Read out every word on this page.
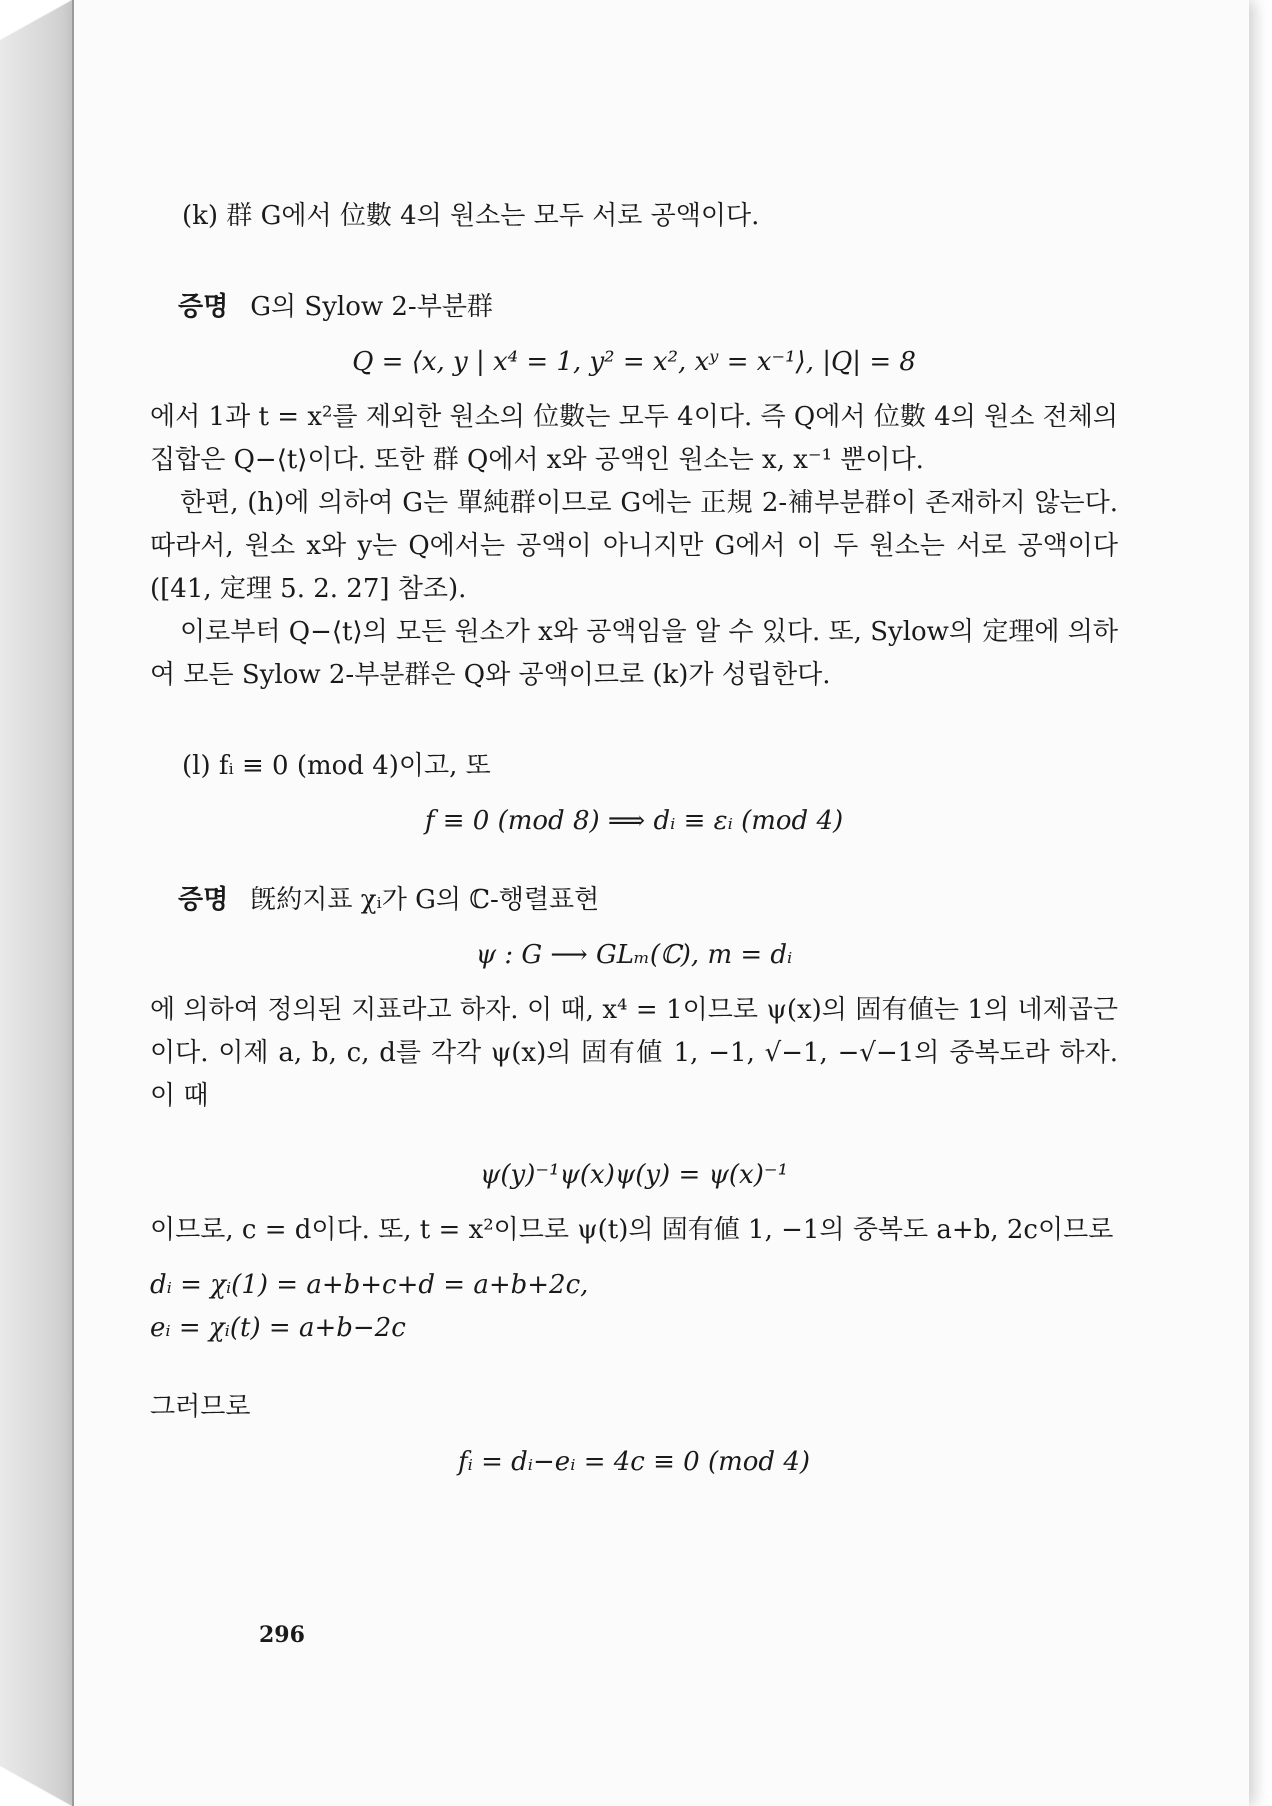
(k) 群 G에서 位數 4의 원소는 모두 서로 공액이다.

증명 G의 Sylow 2-부분群

Q = ⟨x, y | x⁴ = 1, y² = x², xʸ = x⁻¹⟩, |Q| = 8

에서 1과 t = x²를 제외한 원소의 位數는 모두 4이다. 즉 Q에서 位數 4의 원소 전체의 집합은 Q−⟨t⟩이다. 또한 群 Q에서 x와 공액인 원소는 x, x⁻¹ 뿐이다.

한편, (h)에 의하여 G는 單純群이므로 G에는 正規 2-補부분群이 존재하지 않는다. 따라서, 원소 x와 y는 Q에서는 공액이 아니지만 G에서 이 두 원소는 서로 공액이다([41, 定理 5. 2. 27] 참조).

이로부터 Q−⟨t⟩의 모든 원소가 x와 공액임을 알 수 있다. 또, Sylow의 定理에 의하여 모든 Sylow 2-부분群은 Q와 공액이므로 (k)가 성립한다.

(l) fᵢ ≡ 0 (mod 4)이고, 또

f ≡ 0 (mod 8) ⟹ dᵢ ≡ εᵢ (mod 4)

증명 旣約지표 χᵢ가 G의 ℂ-행렬표현

ψ : G ⟶ GLₘ(ℂ), m = dᵢ

에 의하여 정의된 지표라고 하자. 이 때, x⁴ = 1이므로 ψ(x)의 固有値는 1의 네제곱근이다. 이제 a, b, c, d를 각각 ψ(x)의 固有値 1, −1, √−1, −√−1의 중복도라 하자. 이 때

ψ(y)⁻¹ψ(x)ψ(y) = ψ(x)⁻¹

이므로, c = d이다. 또, t = x²이므로 ψ(t)의 固有値 1, −1의 중복도 a+b, 2c이므로

dᵢ = χᵢ(1) = a+b+c+d = a+b+2c,

eᵢ = χᵢ(t) = a+b−2c

그러므로

fᵢ = dᵢ−eᵢ = 4c ≡ 0 (mod 4)

296
